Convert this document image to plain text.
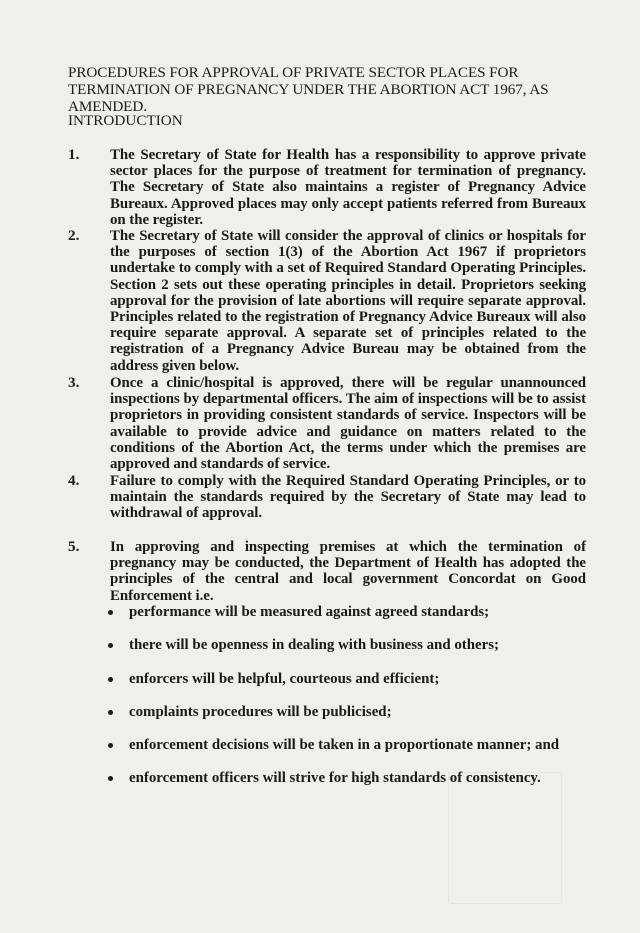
PROCEDURES FOR APPROVAL OF PRIVATE SECTOR PLACES FOR TERMINATION OF PREGNANCY UNDER THE ABORTION ACT 1967, AS AMENDED.
INTRODUCTION
1. The Secretary of State for Health has a responsibility to approve private sector places for the purpose of treatment for termination of pregnancy. The Secretary of State also maintains a register of Pregnancy Advice Bureaux. Approved places may only accept patients referred from Bureaux on the register.
2. The Secretary of State will consider the approval of clinics or hospitals for the purposes of section 1(3) of the Abortion Act 1967 if proprietors undertake to comply with a set of Required Standard Operating Principles. Section 2 sets out these operating principles in detail. Proprietors seeking approval for the provision of late abortions will require separate approval. Principles related to the registration of Pregnancy Advice Bureaux will also require separate approval. A separate set of principles related to the registration of a Pregnancy Advice Bureau may be obtained from the address given below.
3. Once a clinic/hospital is approved, there will be regular unannounced inspections by departmental officers. The aim of inspections will be to assist proprietors in providing consistent standards of service. Inspectors will be available to provide advice and guidance on matters related to the conditions of the Abortion Act, the terms under which the premises are approved and standards of service.
4. Failure to comply with the Required Standard Operating Principles, or to maintain the standards required by the Secretary of State may lead to withdrawal of approval.
5. In approving and inspecting premises at which the termination of pregnancy may be conducted, the Department of Health has adopted the principles of the central and local government Concordat on Good Enforcement i.e.
performance will be measured against agreed standards;
there will be openness in dealing with business and others;
enforcers will be helpful, courteous and efficient;
complaints procedures will be publicised;
enforcement decisions will be taken in a proportionate manner; and
enforcement officers will strive for high standards of consistency.
